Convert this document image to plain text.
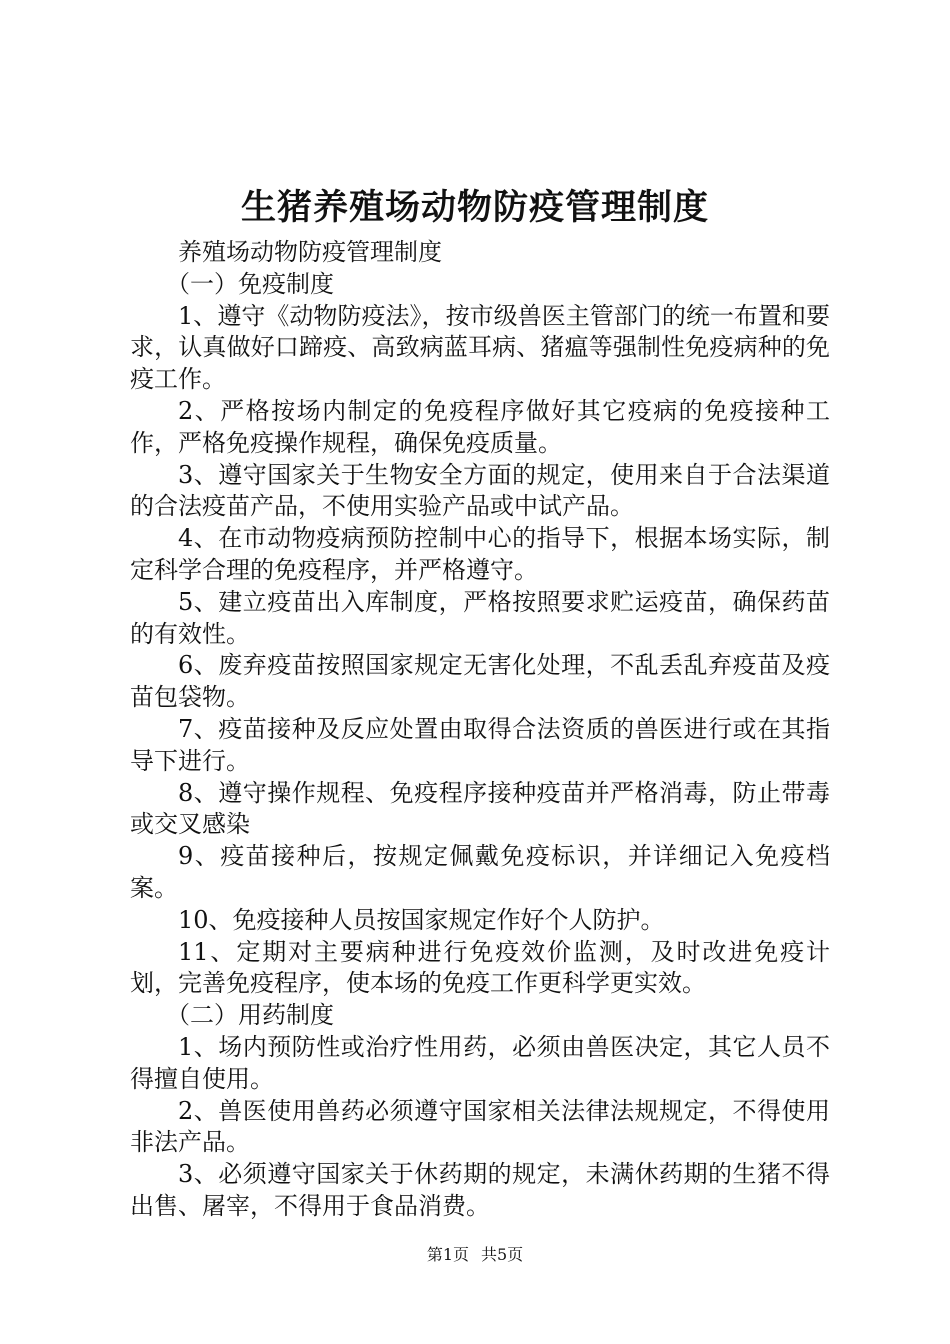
生猪养殖场动物防疫管理制度

养殖场动物防疫管理制度

（一）免疫制度

1、遵守《动物防疫法》，按市级兽医主管部门的统一布置和要求，认真做好口蹄疫、高致病蓝耳病、猪瘟等强制性免疫病种的免疫工作。

2、严格按场内制定的免疫程序做好其它疫病的免疫接种工作，严格免疫操作规程，确保免疫质量。

3、遵守国家关于生物安全方面的规定，使用来自于合法渠道的合法疫苗产品，不使用实验产品或中试产品。

4、在市动物疫病预防控制中心的指导下，根据本场实际，制定科学合理的免疫程序，并严格遵守。

5、建立疫苗出入库制度，严格按照要求贮运疫苗，确保药苗的有效性。

6、废弃疫苗按照国家规定无害化处理，不乱丢乱弃疫苗及疫苗包袋物。

7、疫苗接种及反应处置由取得合法资质的兽医进行或在其指导下进行。

8、遵守操作规程、免疫程序接种疫苗并严格消毒，防止带毒或交叉感染

9、疫苗接种后，按规定佩戴免疫标识，并详细记入免疫档案。

10、免疫接种人员按国家规定作好个人防护。

11、定期对主要病种进行免疫效价监测，及时改进免疫计划，完善免疫程序，使本场的免疫工作更科学更实效。

（二）用药制度

1、场内预防性或治疗性用药，必须由兽医决定，其它人员不得擅自使用。

2、兽医使用兽药必须遵守国家相关法律法规规定，不得使用非法产品。

3、必须遵守国家关于休药期的规定，未满休药期的生猪不得出售、屠宰，不得用于食品消费。

第1页 共5页
